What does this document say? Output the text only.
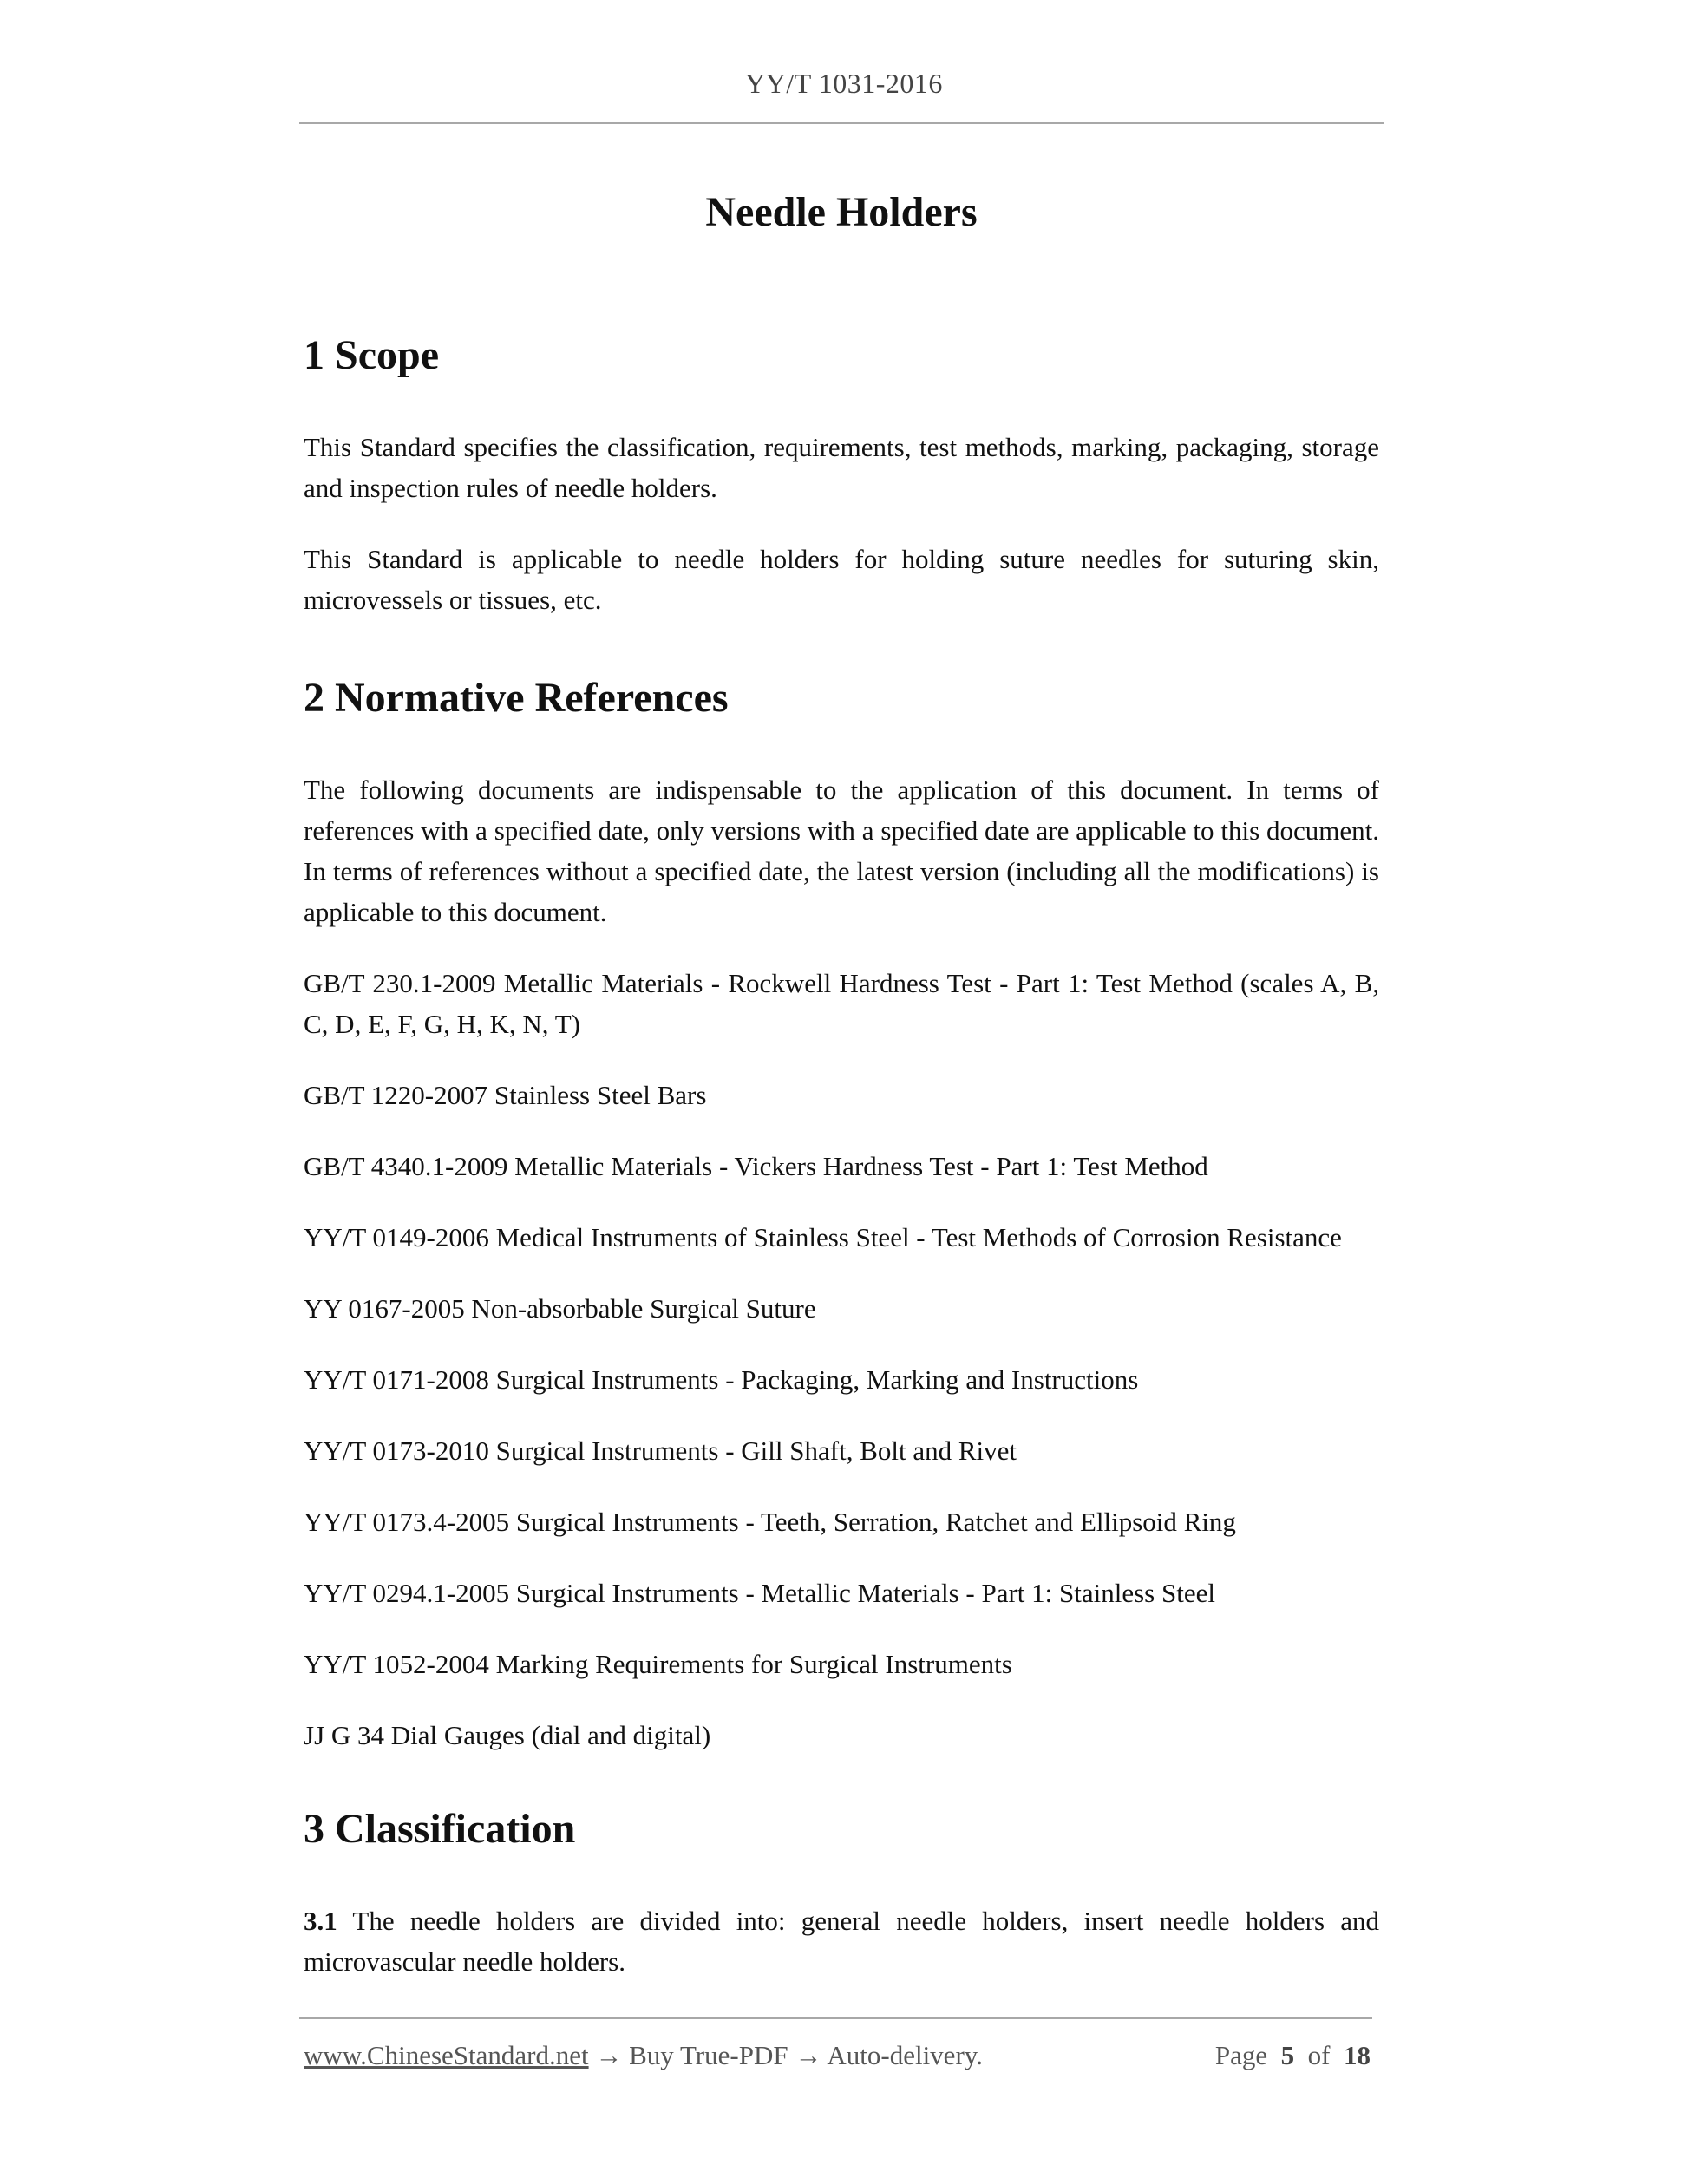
YY/T 1031-2016
Needle Holders
1 Scope

This Standard specifies the classification, requirements, test methods, marking, packaging, storage and inspection rules of needle holders.

This Standard is applicable to needle holders for holding suture needles for suturing skin, microvessels or tissues, etc.

2 Normative References

The following documents are indispensable to the application of this document. In terms of references with a specified date, only versions with a specified date are applicable to this document. In terms of references without a specified date, the latest version (including all the modifications) is applicable to this document.

GB/T 230.1-2009 Metallic Materials - Rockwell Hardness Test - Part 1: Test Method (scales A, B, C, D, E, F, G, H, K, N, T)

GB/T 1220-2007 Stainless Steel Bars

GB/T 4340.1-2009 Metallic Materials - Vickers Hardness Test - Part 1: Test Method

YY/T 0149-2006 Medical Instruments of Stainless Steel - Test Methods of Corrosion Resistance

YY 0167-2005 Non-absorbable Surgical Suture

YY/T 0171-2008 Surgical Instruments - Packaging, Marking and Instructions

YY/T 0173-2010 Surgical Instruments - Gill Shaft, Bolt and Rivet

YY/T 0173.4-2005 Surgical Instruments - Teeth, Serration, Ratchet and Ellipsoid Ring

YY/T 0294.1-2005 Surgical Instruments - Metallic Materials - Part 1: Stainless Steel

YY/T 1052-2004 Marking Requirements for Surgical Instruments

JJ G 34 Dial Gauges (dial and digital)

3 Classification

3.1 The needle holders are divided into: general needle holders, insert needle holders and microvascular needle holders.

www.ChineseStandard.net → Buy True-PDF → Auto-delivery.	Page 5 of 18
